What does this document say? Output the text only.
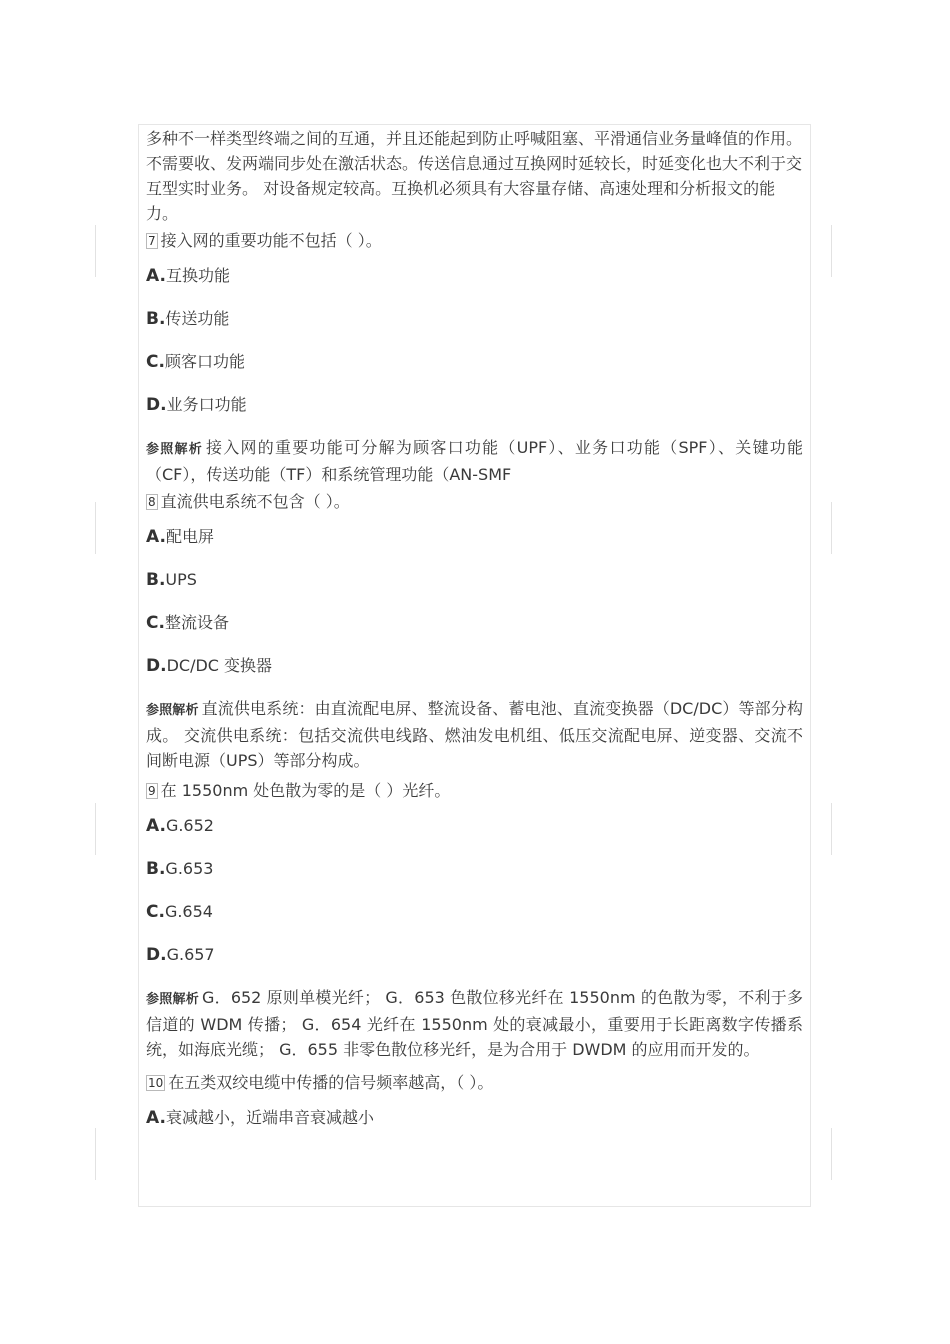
多种不一样类型终端之间的互通，并且还能起到防止呼喊阻塞、平滑通信业务量峰值的作用。不需要收、发两端同步处在激活状态。传送信息通过互换网时延较长，时延变化也大不利于交互型实时业务。 对设备规定较高。互换机必须具有大容量存储、高速处理和分析报文的能力。
7 接入网的重要功能不包括（ ）。
A.互换功能
B.传送功能
C.顾客口功能
D.业务口功能
参照解析 接入网的重要功能可分解为顾客口功能（UPF）、业务口功能（SPF）、关键功能（CF），传送功能（TF）和系统管理功能（AN-SMF
8 直流供电系统不包含（ ）。
A.配电屏
B.UPS
C.整流设备
D.DC/DC 变换器
参照解析 直流供电系统：由直流配电屏、整流设备、蓄电池、直流变换器（DC/DC）等部分构成。 交流供电系统：包括交流供电线路、燃油发电机组、低压交流配电屏、逆变器、交流不间断电源（UPS）等部分构成。
9 在 1550nm 处色散为零的是（ ）光纤。
A.G.652
B.G.653
C.G.654
D.G.657
参照解析 G．652 原则单模光纤； G．653 色散位移光纤在 1550nm 的色散为零，不利于多信道的 WDM 传播； G．654 光纤在 1550nm 处的衰减最小，重要用于长距离数字传播系统，如海底光缆； G．655 非零色散位移光纤，是为合用于 DWDM 的应用而开发的。
10 在五类双绞电缆中传播的信号频率越高，（ ）。
A.衰减越小，近端串音衰减越小
